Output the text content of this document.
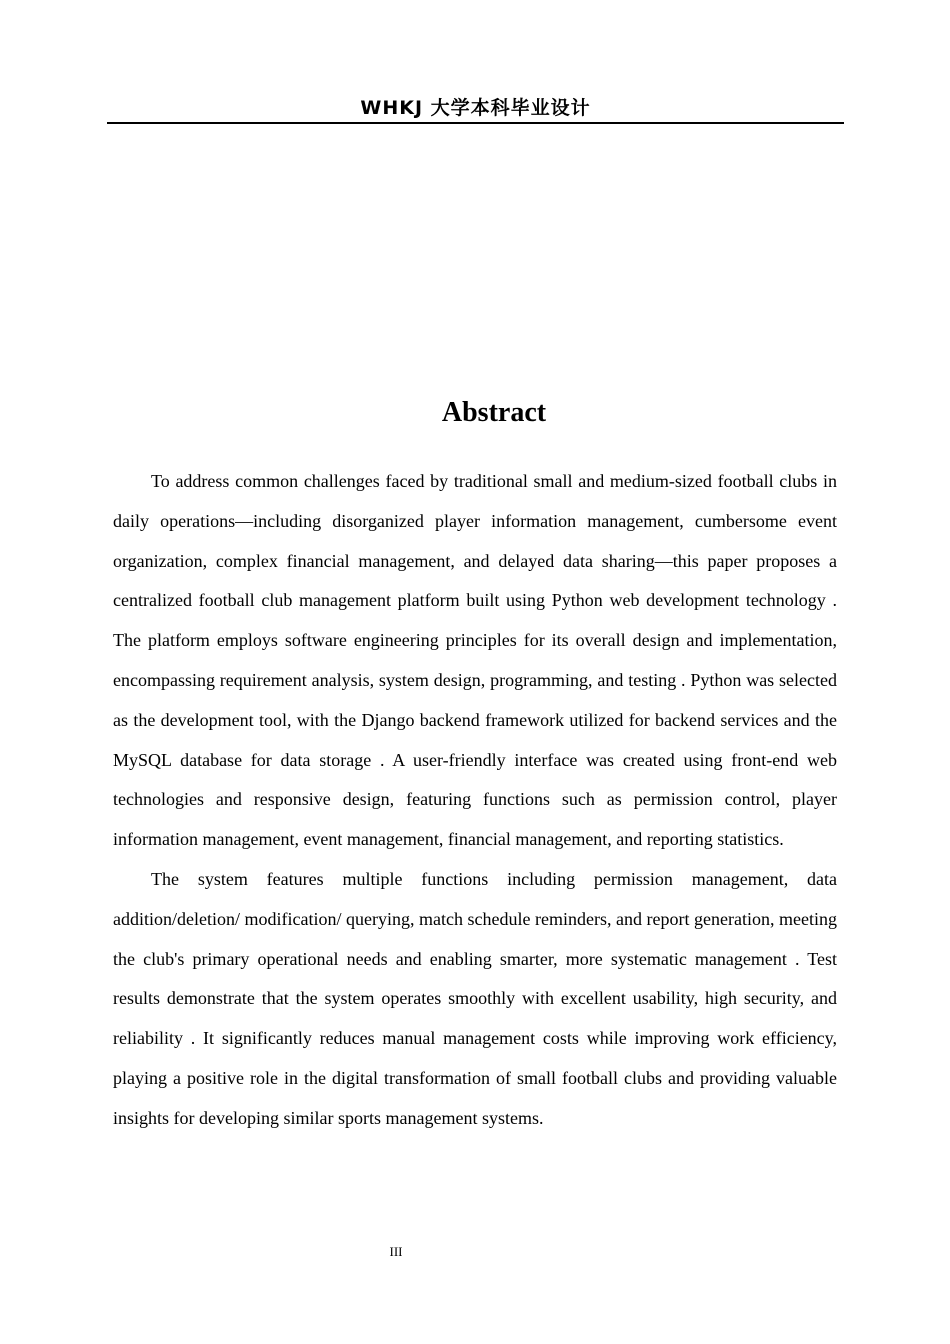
WHKJ 大学本科毕业设计
Abstract

To address common challenges faced by traditional small and medium-sized football clubs in daily operations—including disorganized player information management, cumbersome event organization, complex financial management, and delayed data sharing—this paper proposes a centralized football club management platform built using Python web development technology . The platform employs software engineering principles for its overall design and implementation, encompassing requirement analysis, system design, programming, and testing . Python was selected as the development tool, with the Django backend framework utilized for backend services and the MySQL database for data storage . A user-friendly interface was created using front-end web technologies and responsive design, featuring functions such as permission control, player information management, event management, financial management, and reporting statistics.

The system features multiple functions including permission management, data addition/deletion/ modification/ querying, match schedule reminders, and report generation, meeting the club's primary operational needs and enabling smarter, more systematic management . Test results demonstrate that the system operates smoothly with excellent usability, high security, and reliability . It significantly reduces manual management costs while improving work efficiency, playing a positive role in the digital transformation of small football clubs and providing valuable insights for developing similar sports management systems.

III
